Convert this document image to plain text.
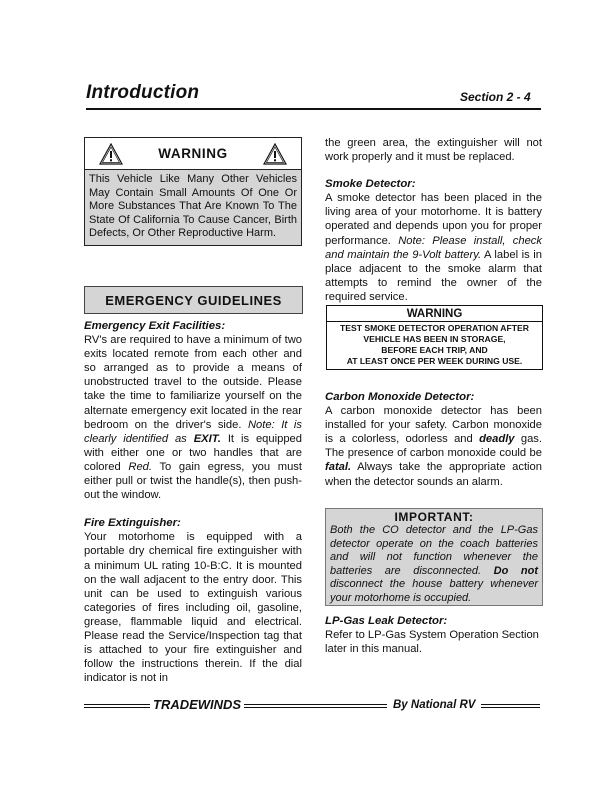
Introduction	Section 2 - 4
WARNING
This Vehicle Like Many Other Vehicles May Contain Small Amounts Of One Or More Substances That Are Known To The State Of California To Cause Cancer, Birth Defects, Or Other Reproductive Harm.
EMERGENCY GUIDELINES

Emergency Exit Facilities:

RV's are required to have a minimum of two exits located remote from each other and so arranged as to provide a means of unobstructed travel to the outside. Please take the time to familiarize yourself on the alternate emergency exit located in the rear bedroom on the driver's side. Note: It is clearly identified as EXIT. It is equipped with either one or two handles that are colored Red. To gain egress, you must either pull or twist the handle(s), then push-out the window.

Fire Extinguisher:

Your motorhome is equipped with a portable dry chemical fire extinguisher with a minimum UL rating 10-B:C. It is mounted on the wall adjacent to the entry door. This unit can be used to extinguish various categories of fires including oil, gasoline, grease, flammable liquid and electrical. Please read the Service/Inspection tag that is attached to your fire extinguisher and follow the instructions therein. If the dial indicator is not in

the green area, the extinguisher will not work properly and it must be replaced.

Smoke Detector:

A smoke detector has been placed in the living area of your motorhome. It is battery operated and depends upon you for proper performance. Note: Please install, check and maintain the 9-Volt battery. A label is in place adjacent to the smoke alarm that attempts to remind the owner of the required service.

WARNING
TEST SMOKE DETECTOR OPERATION AFTER
VEHICLE HAS BEEN IN STORAGE,
BEFORE EACH TRIP, AND
AT LEAST ONCE PER WEEK DURING USE.

Carbon Monoxide Detector:

A carbon monoxide detector has been installed for your safety. Carbon monoxide is a colorless, odorless and deadly gas. The presence of carbon monoxide could be fatal. Always take the appropriate action when the detector sounds an alarm.

IMPORTANT:
Both the CO detector and the LP-Gas detector operate on the coach batteries and will not function whenever the batteries are disconnected. Do not disconnect the house battery whenever your motorhome is occupied.

LP-Gas Leak Detector:

Refer to LP-Gas System Operation Section later in this manual.

TRADEWINDS	By National RV
